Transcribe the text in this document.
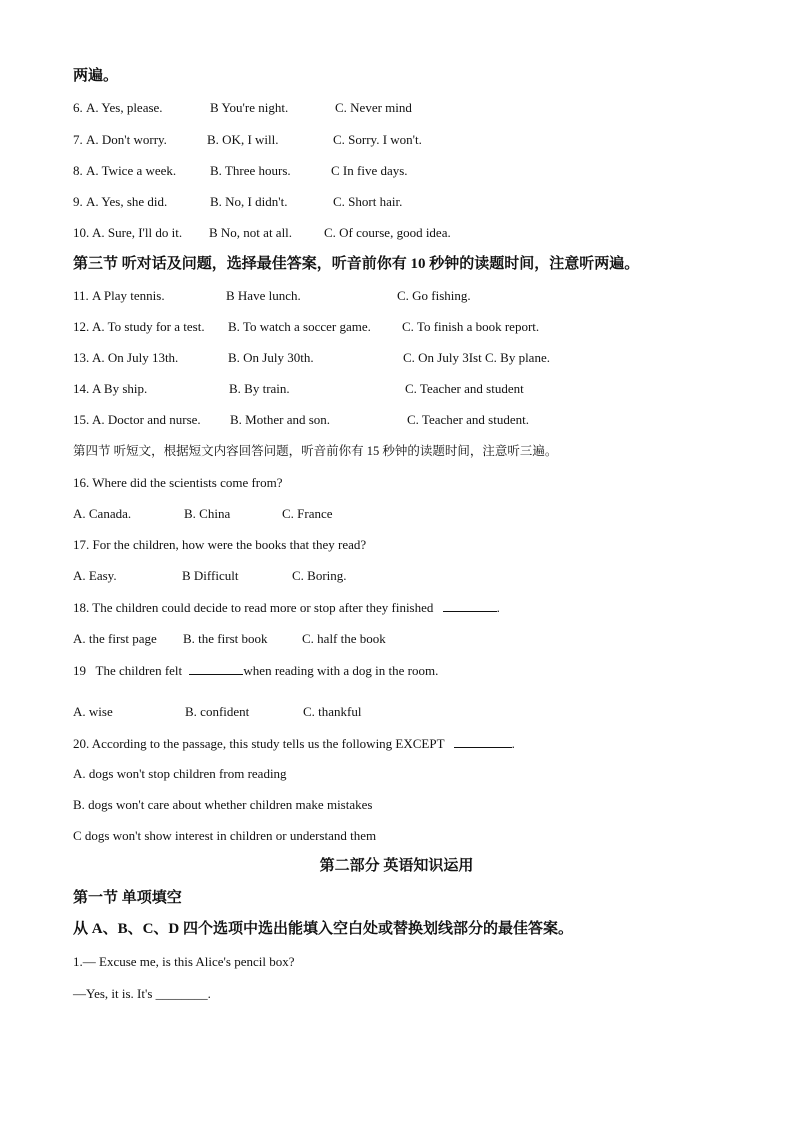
两遍。
6. A. Yes, please.	B You're night.	C. Never mind
7. A. Don't worry.	B. OK, I will.	C. Sorry. I won't.
8. A. Twice a week.	B. Three hours.	C In five days.
9. A. Yes, she did.	B. No, I didn't.	C. Short hair.
10. A. Sure, I'll do it. B No, not at all. C. Of course, good idea.
第三节 听对话及问题，选择最佳答案，听音前你有 10 秒钟的读题时间，注意听两遍。
11. A Play tennis.	B Have lunch.	C. Go fishing.
12. A. To study for a test. B. To watch a soccer game. C. To finish a book report.
13. A. On July 13th.	B. On July 30th.	C. On July 3Ist C. By plane.
14. A By ship.	B. By train.	C. Teacher and student
15. A. Doctor and nurse. B. Mother and son.	C. Teacher and student.
第四节 听短文，根据短文内容回答问题，听音前你有 15 秒钟的读题时间，注意听三遍。
16. Where did the scientists come from?
A. Canada.	B. China	C. France
17. For the children, how were the books that they read?
A. Easy.	B Difficult	C. Boring.
18. The children could decide to read more or stop after they finished	.
A. the first page B. the first book	C. half the book
19 The children felt	when reading with a dog in the room.
A. wise	B. confident	C. thankful
20. According to the passage, this study tells us the following EXCEPT	.
A. dogs won't stop children from reading
B. dogs won't care about whether children make mistakes
C dogs won't show interest in children or understand them
第二部分 英语知识运用
第一节 单项填空
从 A、B、C、D 四个选项中选出能填入空白处或替换划线部分的最佳答案。
1.— Excuse me, is this Alice's pencil box?
—Yes, it is. It's ________.
